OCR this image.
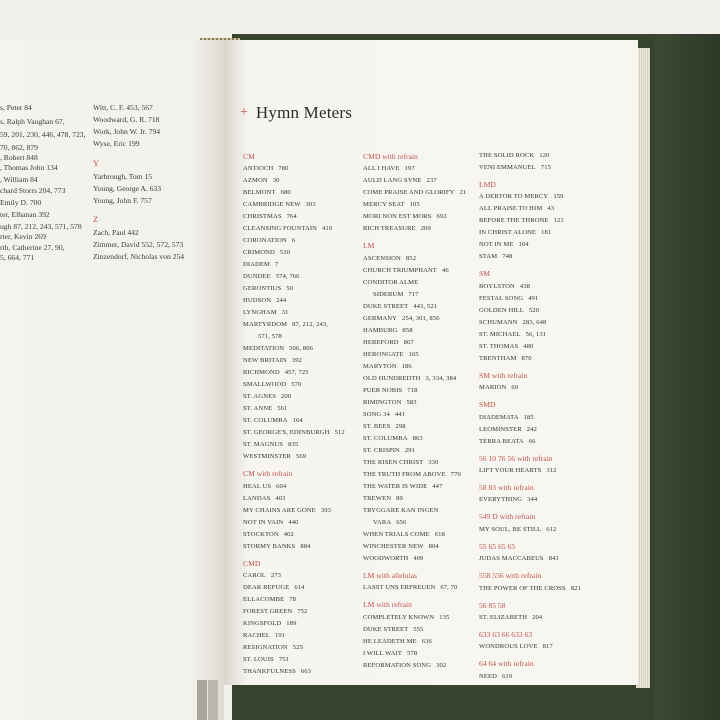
+ Hymn Meters
CM
ANTIOCH 780
AZMON 30
BELMONT 680
CAMBRIDGE NEW 303
CHRISTMAS 764
CLEANSING FOUNTAIN 419
CORONATION 6
CRIMOND 530
DIADEM 7
DUNDEE 574, 766
GERONTIUS 50
HUDSON 244
LYNGHAM 31
MARTYRDOM 87, 212, 243,
571, 578
MEDITATION 506, 806
NEW BRITAIN 392
RICHMOND 457, 725
SMALLWOOD 570
ST. AGNES 200
ST. ANNE 561
ST. COLUMBA 164
ST. GEORGE'S, EDINBURGH 512
ST. MAGNUS 835
WESTMINSTER 569
CM with refrain
HEAL US 604
LANDAS 403
MY CHAINS ARE GONE 393
NOT IN VAIN 440
STOCKTON 402
STORMY BANKS 884
CMD
CAROL 273
DEAR REFUGE 614
ELLACOMBE 78
FOREST GREEN 752
KINGSFOLD 189
RACHEL 191
RESIGNATION 525
ST. LOUIS 751
THANKFULNESS 663
CMD with refrain
ALL I HAVE 197
AULD LANG SYNE 237
COME PRAISE AND GLORIFY 21
MERCY SEAT 105
MORI NON EST MORS 692
RICH TREASURE 209
LM
ASCENSION 852
CHURCH TRIUMPHANT 46
CONDITOR ALME
SIDERUM 717
DUKE STREET 443, 521
GERMANY 254, 301, 856
HAMBURG 858
HEREFORD 867
HERONGATE 165
MARYTON 186
OLD HUNDREDTH 3, 334, 384
PUER NOBIS 718
RIMINGTON 583
SONG 34 441
ST. BEES 298
ST. COLUMBA 863
ST. CRISPIN 291
THE RISEN CHRIST 330
THE TRUTH FROM ABOVE 770
THE WATER IS WIDE 447
TREWEN 89
TRYGGARE KAN INGEN
VARA 656
WHEN TRIALS COME 618
WINCHESTER NEW 804
WOODWORTH 409
LM with alleluias
LASST UNS ERFREUEN 67, 70
LM with refrain
COMPLETELY KNOWN 135
DUKE STREET 555
HE LEADETH ME 636
I WILL WAIT 578
REFORMATION SONG 302
THE SOLID ROCK 120
VENI EMMANUEL 715
LMD
A DEBTOR TO MERCY 159
ALL PRAISE TO HIM 43
BEFORE THE THRONE 121
IN CHRIST ALONE 181
NOT IN ME 104
STAM 748
SM
BOYLSTON 438
FESTAL SONG 491
GOLDEN HILL 520
SCHUMANN 283, 648
ST. MICHAEL 56, 131
ST. THOMAS 480
TRENTHAM 870
SM with refrain
MARION 60
SMD
DIADEMATA 185
LEOMINSTER 242
TERRA BEATA 66
56 10 76 56 with refrain
LIFT YOUR HEARTS 312
58 83 with refrain
EVERYTHING 344
549 D with refrain
MY SOUL, BE STILL 612
55 65 65 65
JUDAS MACCABEUS 841
558 556 with refrain
THE POWER OF THE CROSS 821
56 85 58
ST. ELIZABETH 204
633 63 66 633 63
WONDROUS LOVE 817
64 64 with refrain
NEED 619
s, Peter 84
s, Ralph Vaughan 67,
59, 201, 230, 446, 478, 723,
70, 862, 879
, Robert 848
, Thomas John 134
, William 84
chard Storrs 204, 773
Emily D. 700
ter, Elhanan 392
ugh 87, 212, 243, 571, 578
rter, Kevin 269
rth, Catherine 27, 90,
5, 664, 771
Witt, C. F. 453, 567
Woodward, G. R. 718
Work, John W. Jr. 794
Wyse, Eric 199
Y
Yarbrough, Tom 15
Young, George A. 633
Young, John F. 757
Z
Zach, Paul 442
Zimmer, David 552, 572, 573
Zinzendorf, Nicholas von 254
